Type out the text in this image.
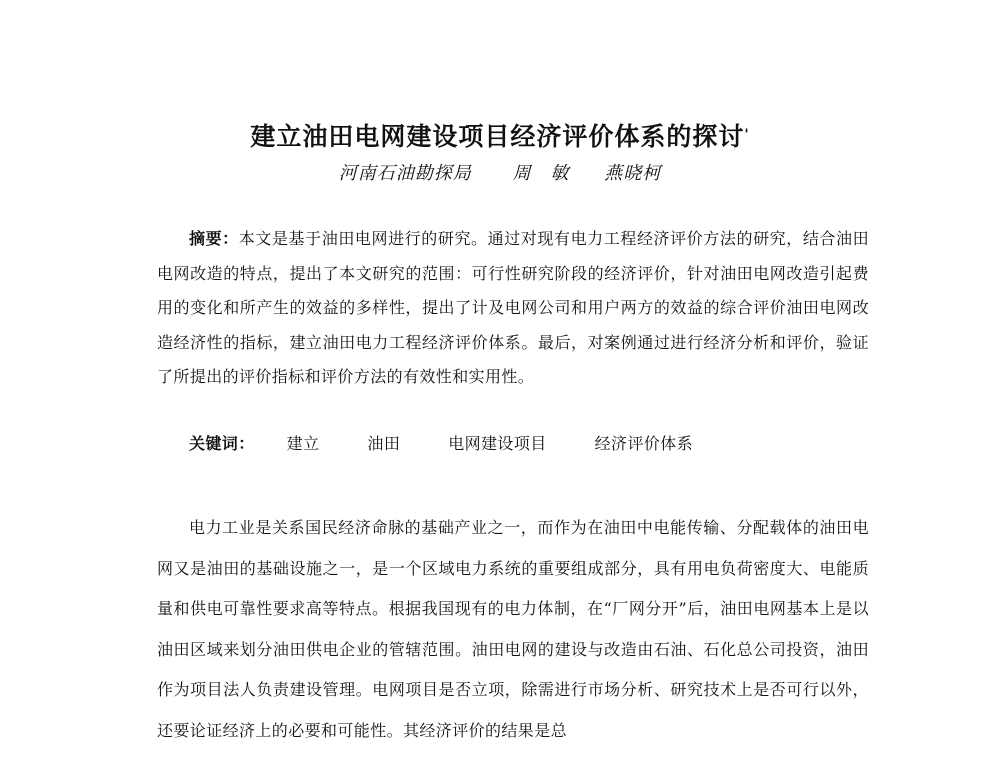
建立油田电网建设项目经济评价体系的探讨'
河南石油勘探局 周　敏 燕晓柯

摘要：本文是基于油田电网进行的研究。通过对现有电力工程经济评价方法的研究，结合油田电网改造的特点，提出了本文研究的范围：可行性研究阶段的经济评价，针对油田电网改造引起费用的变化和所产生的效益的多样性，提出了计及电网公司和用户两方的效益的综合评价油田电网改造经济性的指标，建立油田电力工程经济评价体系。最后，对案例通过进行经济分析和评价，验证了所提出的评价指标和评价方法的有效性和实用性。

关键词： 建立	油田	电网建设项目	经济评价体系

电力工业是关系国民经济命脉的基础产业之一，而作为在油田中电能传输、分配载体的油田电网又是油田的基础设施之一，是一个区域电力系统的重要组成部分，具有用电负荷密度大、电能质量和供电可靠性要求高等特点。根据我国现有的电力体制，在“厂网分开”后，油田电网基本上是以油田区域来划分油田供电企业的管辖范围。油田电网的建设与改造由石油、石化总公司投资，油田作为项目法人负责建设管理。电网项目是否立项，除需进行市场分析、研究技术上是否可行以外，还要论证经济上的必要和可能性。其经济评价的结果是总
